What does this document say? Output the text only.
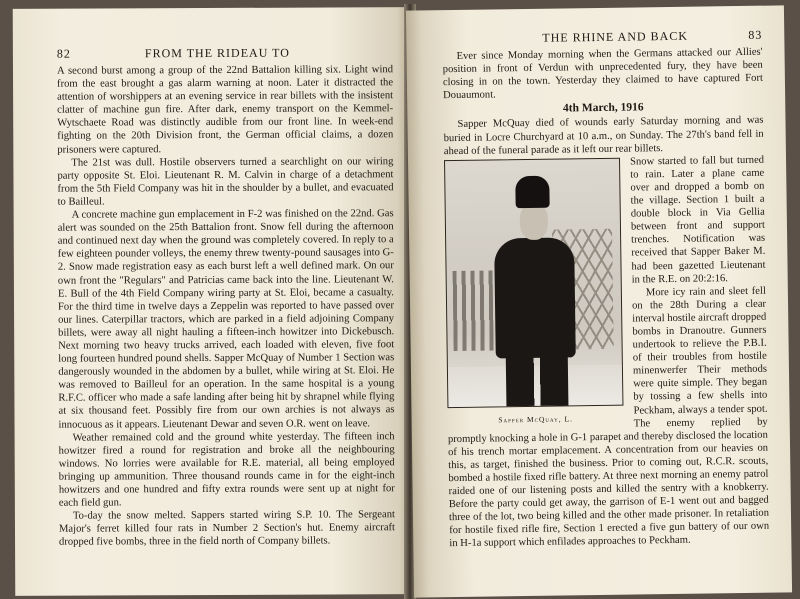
82	FROM THE RIDEAU TO

A second burst among a group of the 22nd Battalion killing six. Light wind from the east brought a gas alarm warning at noon. Later it distracted the attention of worshippers at an evening service in rear billets with the insistent clatter of machine gun fire. After dark, enemy transport on the Kemmel-Wytschaete Road was distinctly audible from our front line. In week-end fighting on the 20th Division front, the German official claims, a dozen prisoners were captured.

The 21st was dull. Hostile observers turned a searchlight on our wiring party opposite St. Eloi. Lieutenant R. M. Calvin in charge of a detachment from the 5th Field Company was hit in the shoulder by a bullet, and evacuated to Bailleul.

A concrete machine gun emplacement in F-2 was finished on the 22nd. Gas alert was sounded on the 25th Battalion front. Snow fell during the afternoon and continued next day when the ground was completely covered. In reply to a few eighteen pounder volleys, the enemy threw twenty-pound sausages into G-2. Snow made registration easy as each burst left a well defined mark. On our own front the "Regulars" and Patricias came back into the line. Lieutenant W. E. Bull of the 4th Field Company wiring party at St. Eloi, became a casualty. For the third time in twelve days a Zeppelin was reported to have passed over our lines. Caterpillar tractors, which are parked in a field adjoining Company billets, were away all night hauling a fifteen-inch howitzer into Dickebusch. Next morning two heavy trucks arrived, each loaded with eleven, five foot long fourteen hundred pound shells. Sapper McQuay of Number 1 Section was dangerously wounded in the abdomen by a bullet, while wiring at St. Eloi. He was removed to Bailleul for an operation. In the same hospital is a young R.F.C. officer who made a safe landing after being hit by shrapnel while flying at six thousand feet. Possibly fire from our own archies is not always as innocuous as it appears. Lieutenant Dewar and seven O.R. went on leave.

Weather remained cold and the ground white yesterday. The fifteen inch howitzer fired a round for registration and broke all the neighbouring windows. No lorries were available for R.E. material, all being employed bringing up ammunition. Three thousand rounds came in for the eight-inch howitzers and one hundred and fifty extra rounds were sent up at night for each field gun.

To-day the snow melted. Sappers started wiring S.P. 10. The Sergeant Major's ferret killed four rats in Number 2 Section's hut. Enemy aircraft dropped five bombs, three in the field north of Company billets.

THE RHINE AND BACK	83

Ever since Monday morning when the Germans attacked our Allies' position in front of Verdun with unprecedented fury, they have been closing in on the town. Yesterday they claimed to have captured Fort Douaumont.

4th March, 1916

Sapper McQuay died of wounds early Saturday morning and was buried in Locre Churchyard at 10 a.m., on Sunday. The 27th's band fell in ahead of the funeral parade as it left our rear billets.

Sapper McQuay, L.

Snow started to fall but turned to rain. Later a plane came over and dropped a bomb on the village. Section 1 built a double block in Via Gellia between front and support trenches. Notification was received that Sapper Baker M. had been gazetted Lieutenant in the R.E. on 20:2:16.

More icy rain and sleet fell on the 28th During a clear interval hostile aircraft dropped bombs in Dranoutre. Gunners undertook to relieve the P.B.I. of their troubles from hostile minenwerfer Their methods were quite simple. They began by tossing a few shells into Peckham, always a tender spot. The enemy replied by promptly knocking a hole in G-1 parapet and thereby disclosed the location of his trench mortar emplacement. A concentration from our heavies on this, as target, finished the business. Prior to coming out, R.C.R. scouts, bombed a hostile fixed rifle battery. At three next morning an enemy patrol raided one of our listening posts and killed the sentry with a knobkerry. Before the party could get away, the garrison of E-1 went out and bagged three of the lot, two being killed and the other made prisoner. In retaliation for hostile fixed rifle fire, Section 1 erected a five gun battery of our own in H-1a support which enfilades approaches to Peckham.
